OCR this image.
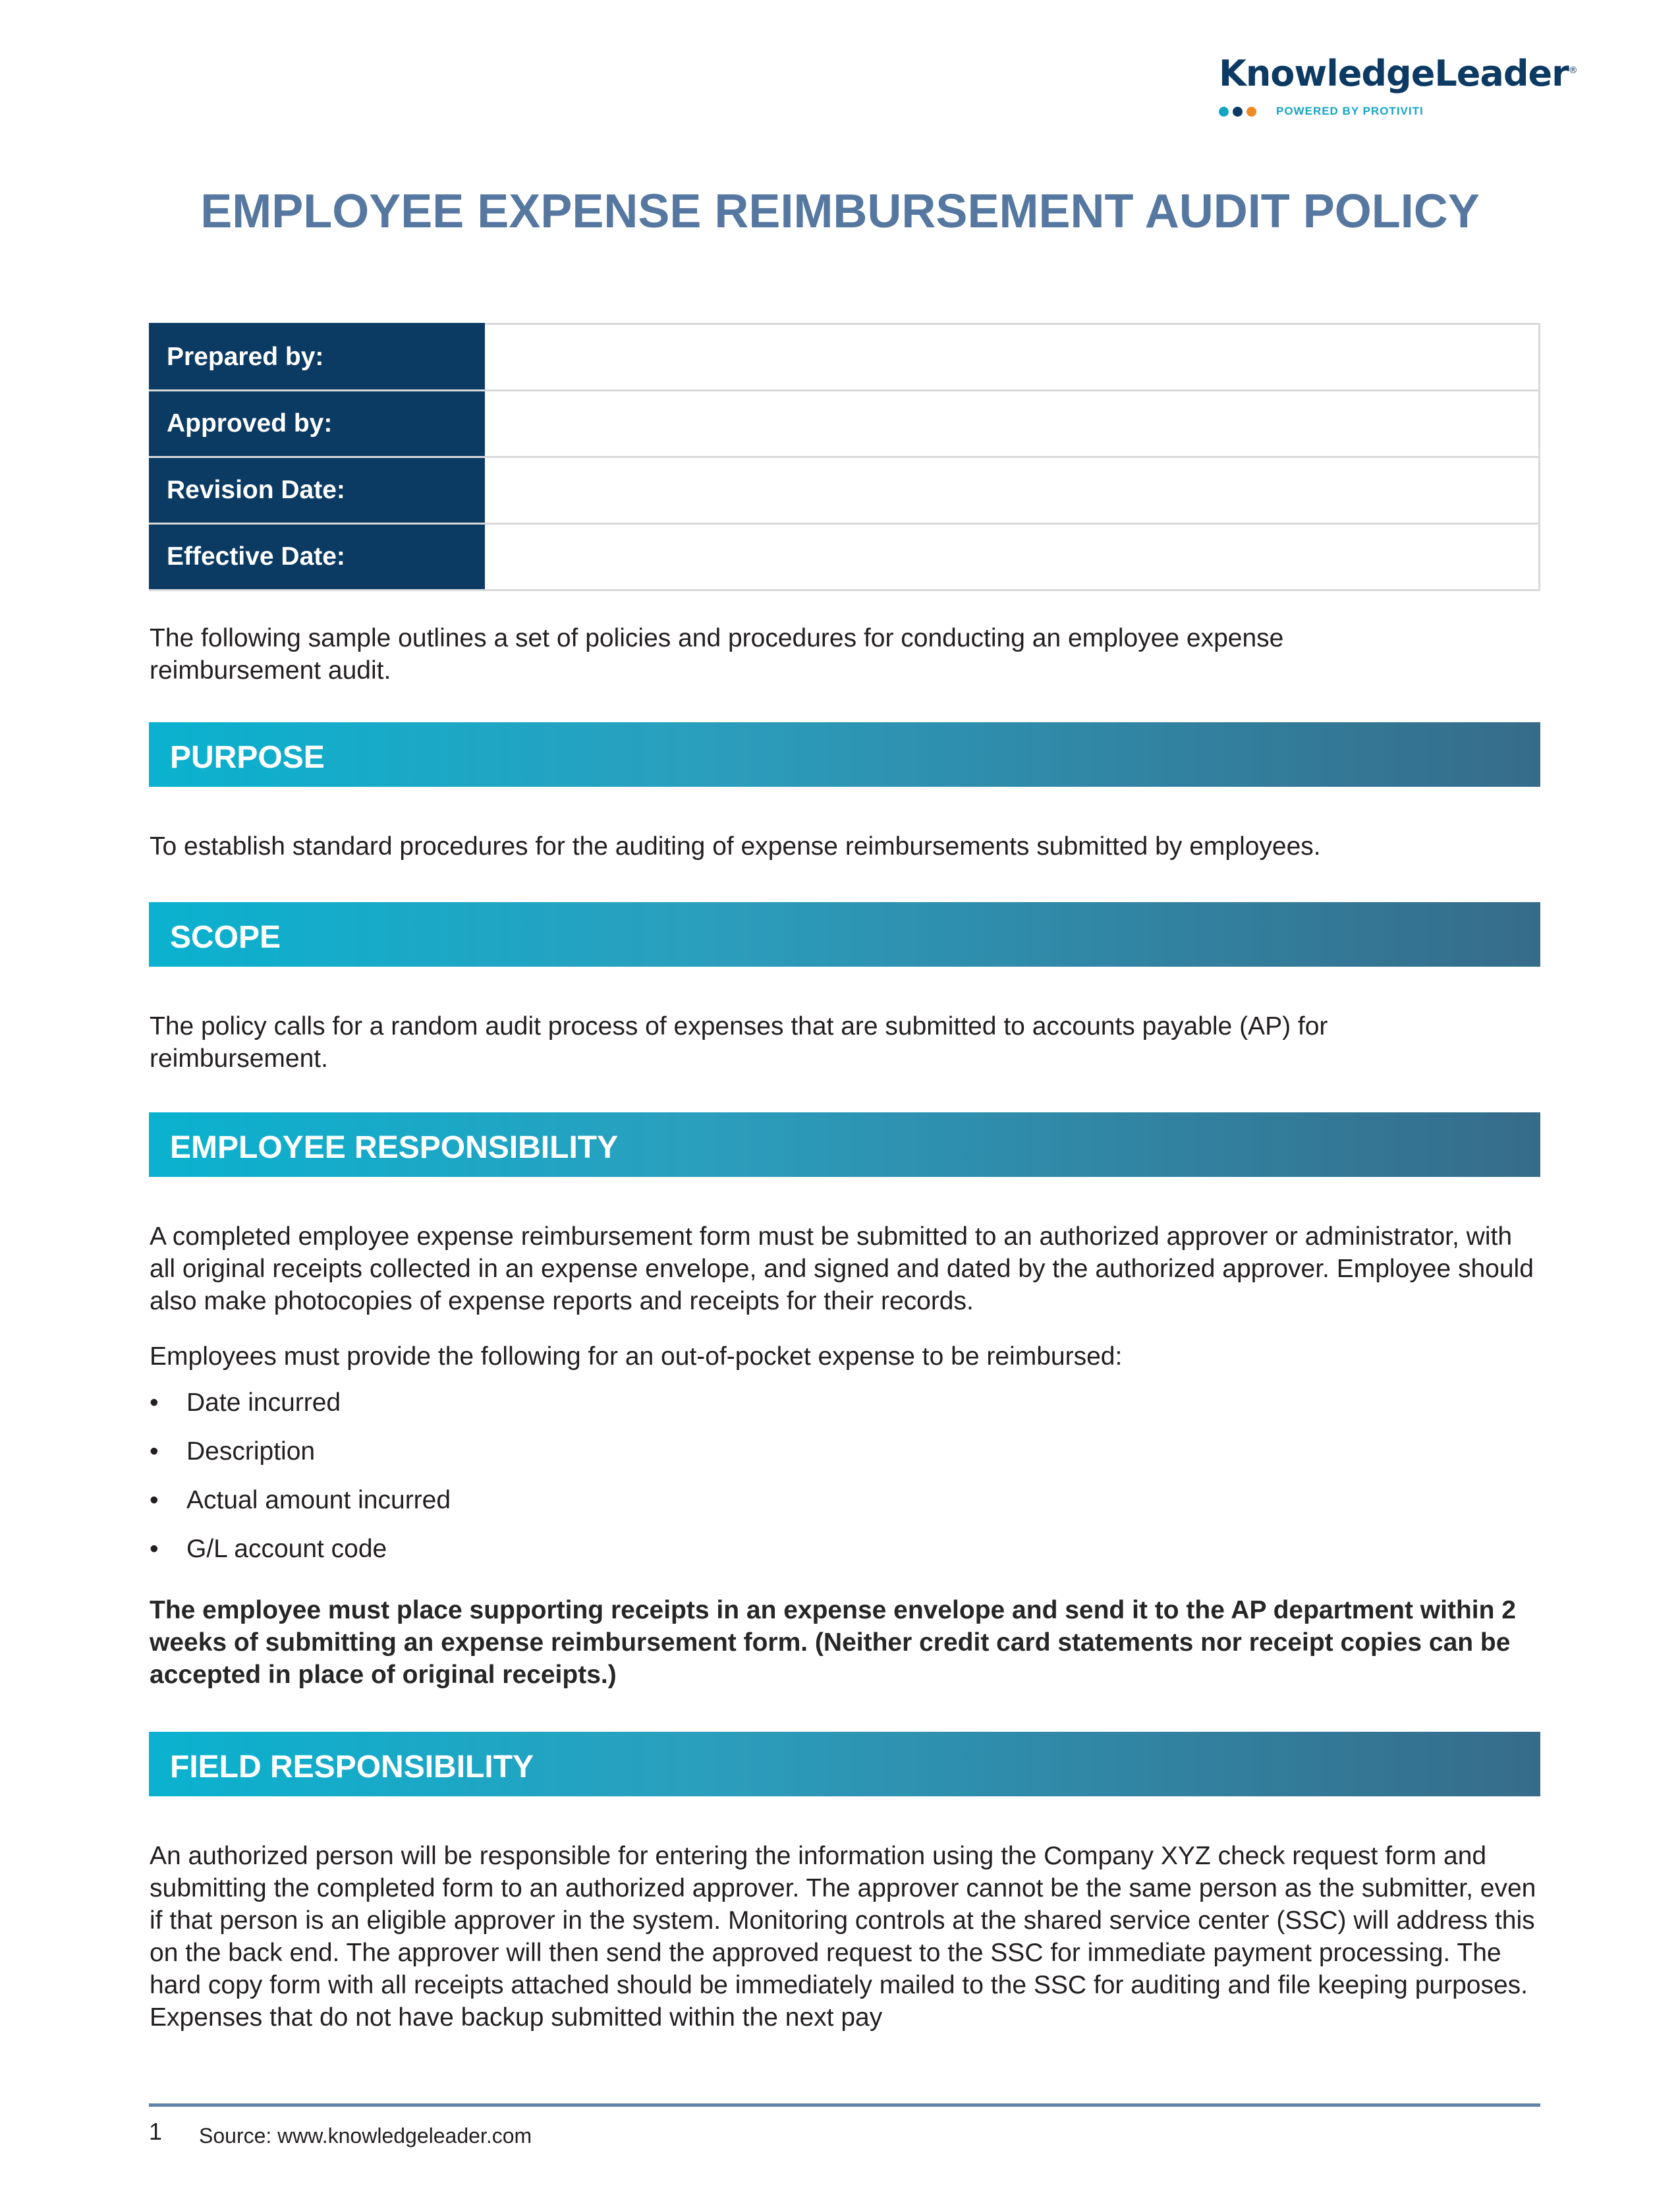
KnowledgeLeader®
POWERED BY PROTIVITI
EMPLOYEE EXPENSE REIMBURSEMENT AUDIT POLICY
Prepared by:	
Approved by:	
Revision Date:	
Effective Date:	

The following sample outlines a set of policies and procedures for conducting an employee expense reimbursement audit.

PURPOSE

To establish standard procedures for the auditing of expense reimbursements submitted by employees.

SCOPE

The policy calls for a random audit process of expenses that are submitted to accounts payable (AP) for reimbursement.

EMPLOYEE RESPONSIBILITY

A completed employee expense reimbursement form must be submitted to an authorized approver or administrator, with all original receipts collected in an expense envelope, and signed and dated by the authorized approver. Employee should also make photocopies of expense reports and receipts for their records.

Employees must provide the following for an out-of-pocket expense to be reimbursed:

•	Date incurred
•	Description
•	Actual amount incurred
•	G/L account code

The employee must place supporting receipts in an expense envelope and send it to the AP department within 2 weeks of submitting an expense reimbursement form. (Neither credit card statements nor receipt copies can be accepted in place of original receipts.)

FIELD RESPONSIBILITY

An authorized person will be responsible for entering the information using the Company XYZ check request form and submitting the completed form to an authorized approver. The approver cannot be the same person as the submitter, even if that person is an eligible approver in the system. Monitoring controls at the shared service center (SSC) will address this on the back end. The approver will then send the approved request to the SSC for immediate payment processing. The hard copy form with all receipts attached should be immediately mailed to the SSC for auditing and file keeping purposes. Expenses that do not have backup submitted within the next pay

1 Source: www.knowledgeleader.com
